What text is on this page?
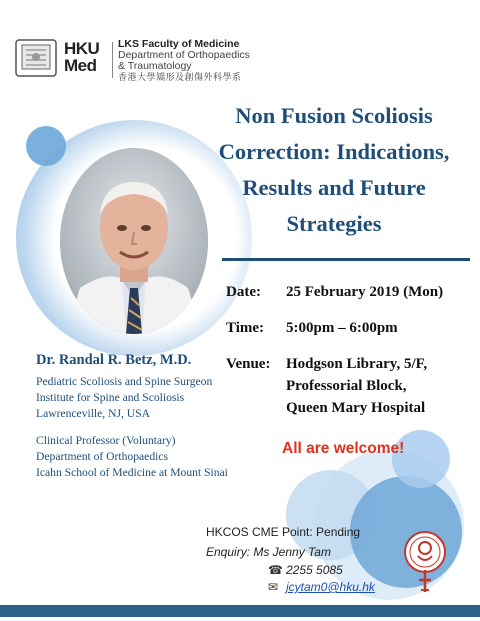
HKU
Med
LKS Faculty of Medicine
Department of Orthopaedics
& Traumatology
香港大學矯形及創傷外科學系
Non Fusion Scoliosis
Correction: Indications,
Results and Future
Strategies
Date: 25 February 2019 (Mon)
Time: 5:00pm – 6:00pm
Venue: Hodgson Library, 5/F,
Professorial Block,
Queen Mary Hospital
All are welcome!
Dr. Randal R. Betz, M.D.
Pediatric Scoliosis and Spine Surgeon
Institute for Spine and Scoliosis
Lawrenceville, NJ, USA
Clinical Professor (Voluntary)
Department of Orthopaedics
Icahn School of Medicine at Mount Sinai
HKCOS CME Point: Pending
Enquiry: Ms Jenny Tam
☎ 2255 5085
✉ jcytam0@hku.hk
